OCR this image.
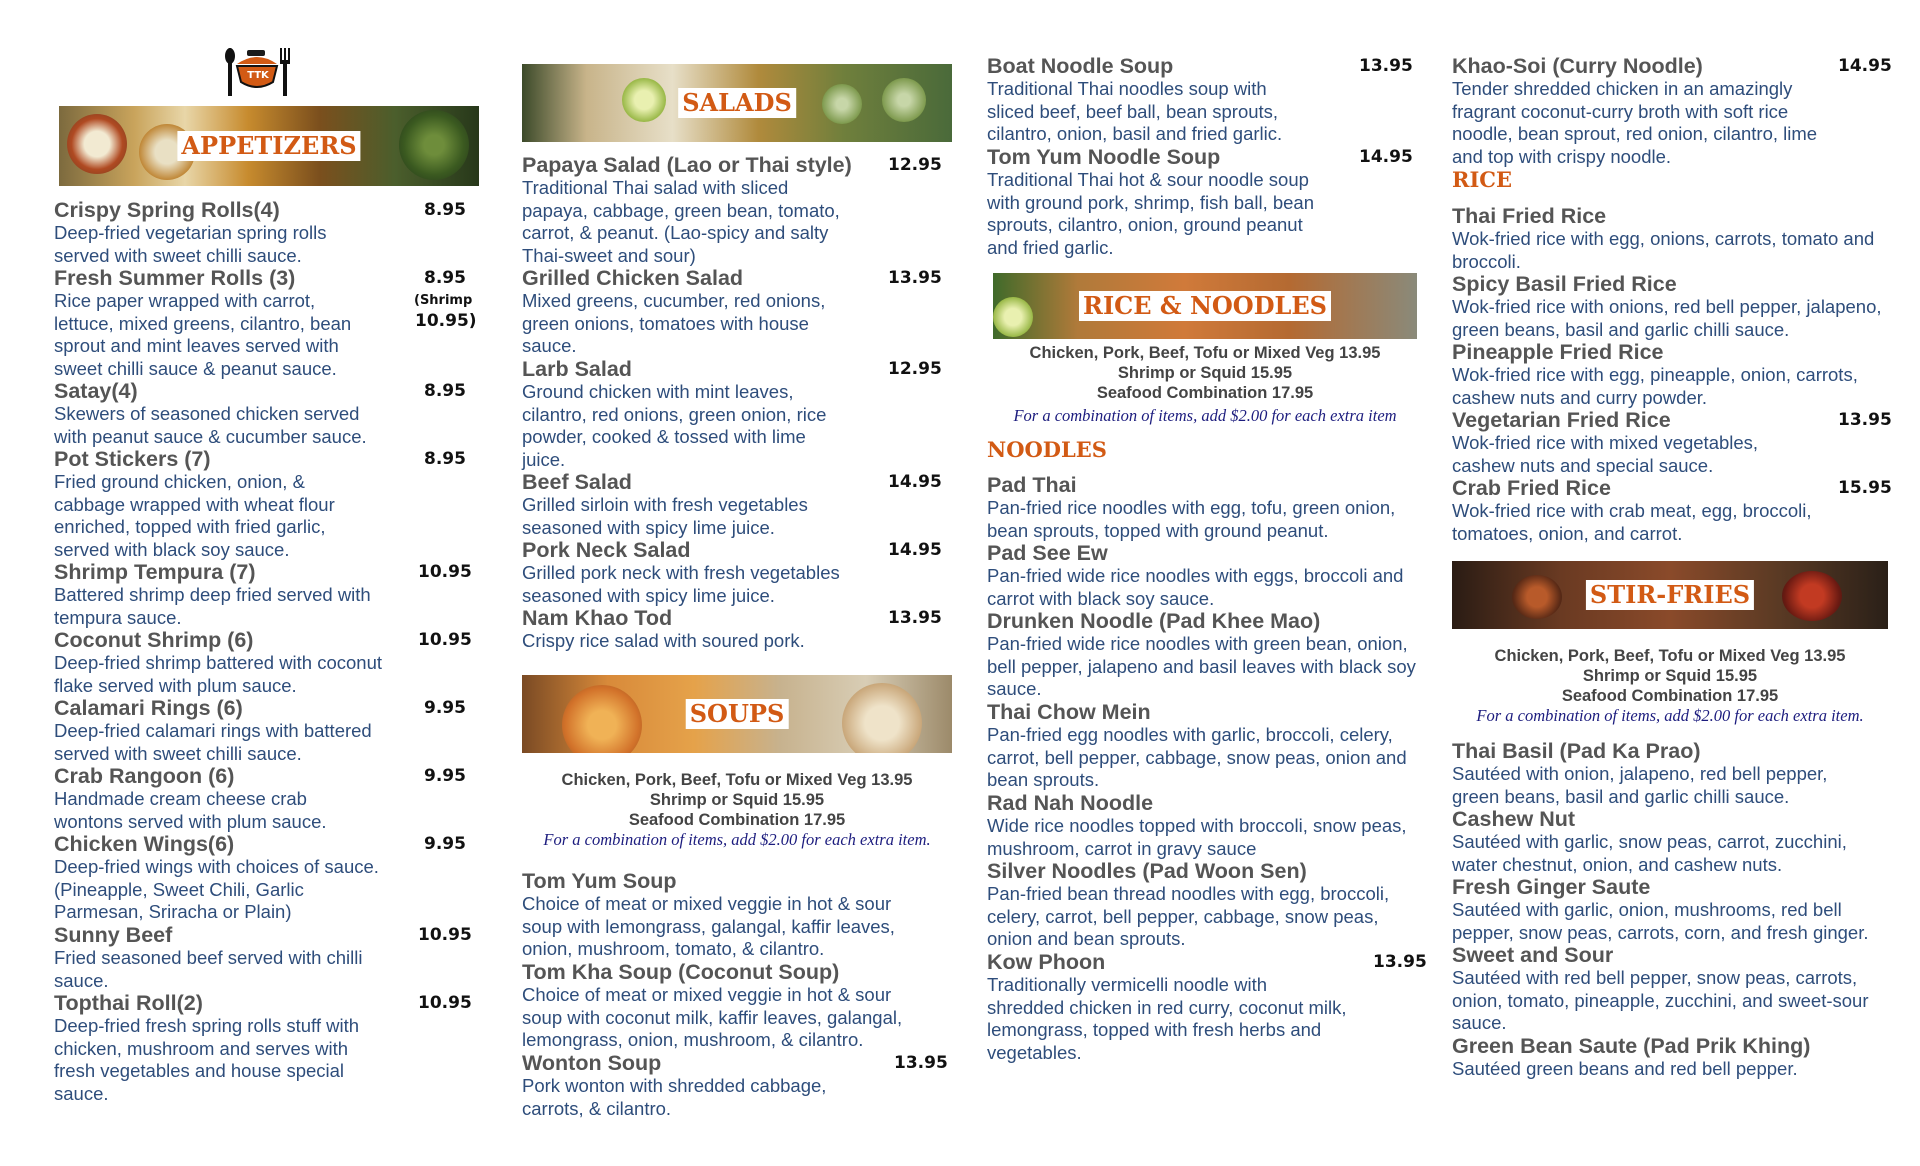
TTK
APPETIZERS
Crispy Spring Rolls(4)	8.95
Deep-fried vegetarian spring rolls served with sweet chilli sauce.
Fresh Summer Rolls (3)	8.95
(Shrimp
10.95)
Rice paper wrapped with carrot, lettuce, mixed greens, cilantro, bean sprout and mint leaves served with sweet chilli sauce & peanut sauce.
Satay(4)	8.95
Skewers of seasoned chicken served with peanut sauce & cucumber sauce.
Pot Stickers (7)	8.95
Fried ground chicken, onion, & cabbage wrapped with wheat flour enriched, topped with fried garlic, served with black soy sauce.
Shrimp Tempura (7)	10.95
Battered shrimp deep fried served with tempura sauce.
Coconut Shrimp (6)	10.95
Deep-fried shrimp battered with coconut flake served with plum sauce.
Calamari Rings (6)	9.95
Deep-fried calamari rings with battered served with sweet chilli sauce.
Crab Rangoon (6)	9.95
Handmade cream cheese crab wontons served with plum sauce.
Chicken Wings(6)	9.95
Deep-fried wings with choices of sauce.(Pineapple, Sweet Chili, Garlic Parmesan, Sriracha or Plain)
Sunny Beef	10.95
Fried seasoned beef served with chilli sauce.
Topthai Roll(2)	10.95
Deep-fried fresh spring rolls stuff with chicken, mushroom and serves with fresh vegetables and house special sauce.
SALADS
Papaya Salad (Lao or Thai style)	12.95
Traditional Thai salad with sliced papaya, cabbage, green bean, tomato, carrot, & peanut. (Lao-spicy and salty Thai-sweet and sour)
Grilled Chicken Salad	13.95
Mixed greens, cucumber, red onions, green onions, tomatoes with house sauce.
Larb Salad	12.95
Ground chicken with mint leaves, cilantro, red onions, green onion, rice powder, cooked & tossed with lime juice.
Beef Salad	14.95
Grilled sirloin with fresh vegetables seasoned with spicy lime juice.
Pork Neck Salad	14.95
Grilled pork neck with fresh vegetables seasoned with spicy lime juice.
Nam Khao Tod	13.95
Crispy rice salad with soured pork.
SOUPS
Chicken, Pork, Beef, Tofu or Mixed Veg 13.95
Shrimp or Squid 15.95
Seafood Combination 17.95
For a combination of items, add $2.00 for each extra item.
Tom Yum Soup
Choice of meat or mixed veggie in hot & sour soup with lemongrass, galangal, kaffir leaves, onion, mushroom, tomato, & cilantro.
Tom Kha Soup (Coconut Soup)
Choice of meat or mixed veggie in hot & sour soup with coconut milk, kaffir leaves, galangal, lemongrass, onion, mushroom, & cilantro.
Wonton Soup	13.95
Pork wonton with shredded cabbage, carrots, & cilantro.
Boat Noodle Soup	13.95
Traditional Thai noodles soup with sliced beef, beef ball, bean sprouts, cilantro, onion, basil and fried garlic.
Tom Yum Noodle Soup	14.95
Traditional Thai hot & sour noodle soup with ground pork, shrimp, fish ball, bean sprouts, cilantro, onion, ground peanut and fried garlic.
RICE & NOODLES
Chicken, Pork, Beef, Tofu or Mixed Veg 13.95
Shrimp or Squid 15.95
Seafood Combination 17.95
For a combination of items, add $2.00 for each extra item
NOODLES
Pad Thai
Pan-fried rice noodles with egg, tofu, green onion, bean sprouts, topped with ground peanut.
Pad See Ew
Pan-fried wide rice noodles with eggs, broccoli and carrot with black soy sauce.
Drunken Noodle (Pad Khee Mao)
Pan-fried wide rice noodles with green bean, onion, bell pepper, jalapeno and basil leaves with black soy sauce.
Thai Chow Mein
Pan-fried egg noodles with garlic, broccoli, celery, carrot, bell pepper, cabbage, snow peas, onion and bean sprouts.
Rad Nah Noodle
Wide rice noodles topped with broccoli, snow peas, mushroom, carrot in gravy sauce
Silver Noodles (Pad Woon Sen)
Pan-fried bean thread noodles with egg, broccoli, celery, carrot, bell pepper, cabbage, snow peas, onion and bean sprouts.
Kow Phoon	13.95
Traditionally vermicelli noodle with shredded chicken in red curry, coconut milk, lemongrass, topped with fresh herbs and vegetables.
Khao-Soi (Curry Noodle)	14.95
Tender shredded chicken in an amazingly fragrant coconut-curry broth with soft rice noodle, bean sprout, red onion, cilantro, lime and top with crispy noodle.
RICE
Thai Fried Rice
Wok-fried rice with egg, onions, carrots, tomato and broccoli.
Spicy Basil Fried Rice
Wok-fried rice with onions, red bell pepper, jalapeno, green beans, basil and garlic chilli sauce.
Pineapple Fried Rice
Wok-fried rice with egg, pineapple, onion, carrots, cashew nuts and curry powder.
Vegetarian Fried Rice	13.95
Wok-fried rice with mixed vegetables, cashew nuts and special sauce.
Crab Fried Rice	15.95
Wok-fried rice with crab meat, egg, broccoli, tomatoes, onion, and carrot.
STIR-FRIES
Chicken, Pork, Beef, Tofu or Mixed Veg 13.95
Shrimp or Squid 15.95
Seafood Combination 17.95
For a combination of items, add $2.00 for each extra item.
Thai Basil (Pad Ka Prao)
Sautéed with onion, jalapeno, red bell pepper, green beans, basil and garlic chilli sauce.
Cashew Nut
Sautéed with garlic, snow peas, carrot, zucchini, water chestnut, onion, and cashew nuts.
Fresh Ginger Saute
Sautéed with garlic, onion, mushrooms, red bell pepper, snow peas, carrots, corn, and fresh ginger.
Sweet and Sour
Sautéed with red bell pepper, snow peas, carrots, onion, tomato, pineapple, zucchini, and sweet-sour sauce.
Green Bean Saute (Pad Prik Khing)
Sautéed green beans and red bell pepper.
